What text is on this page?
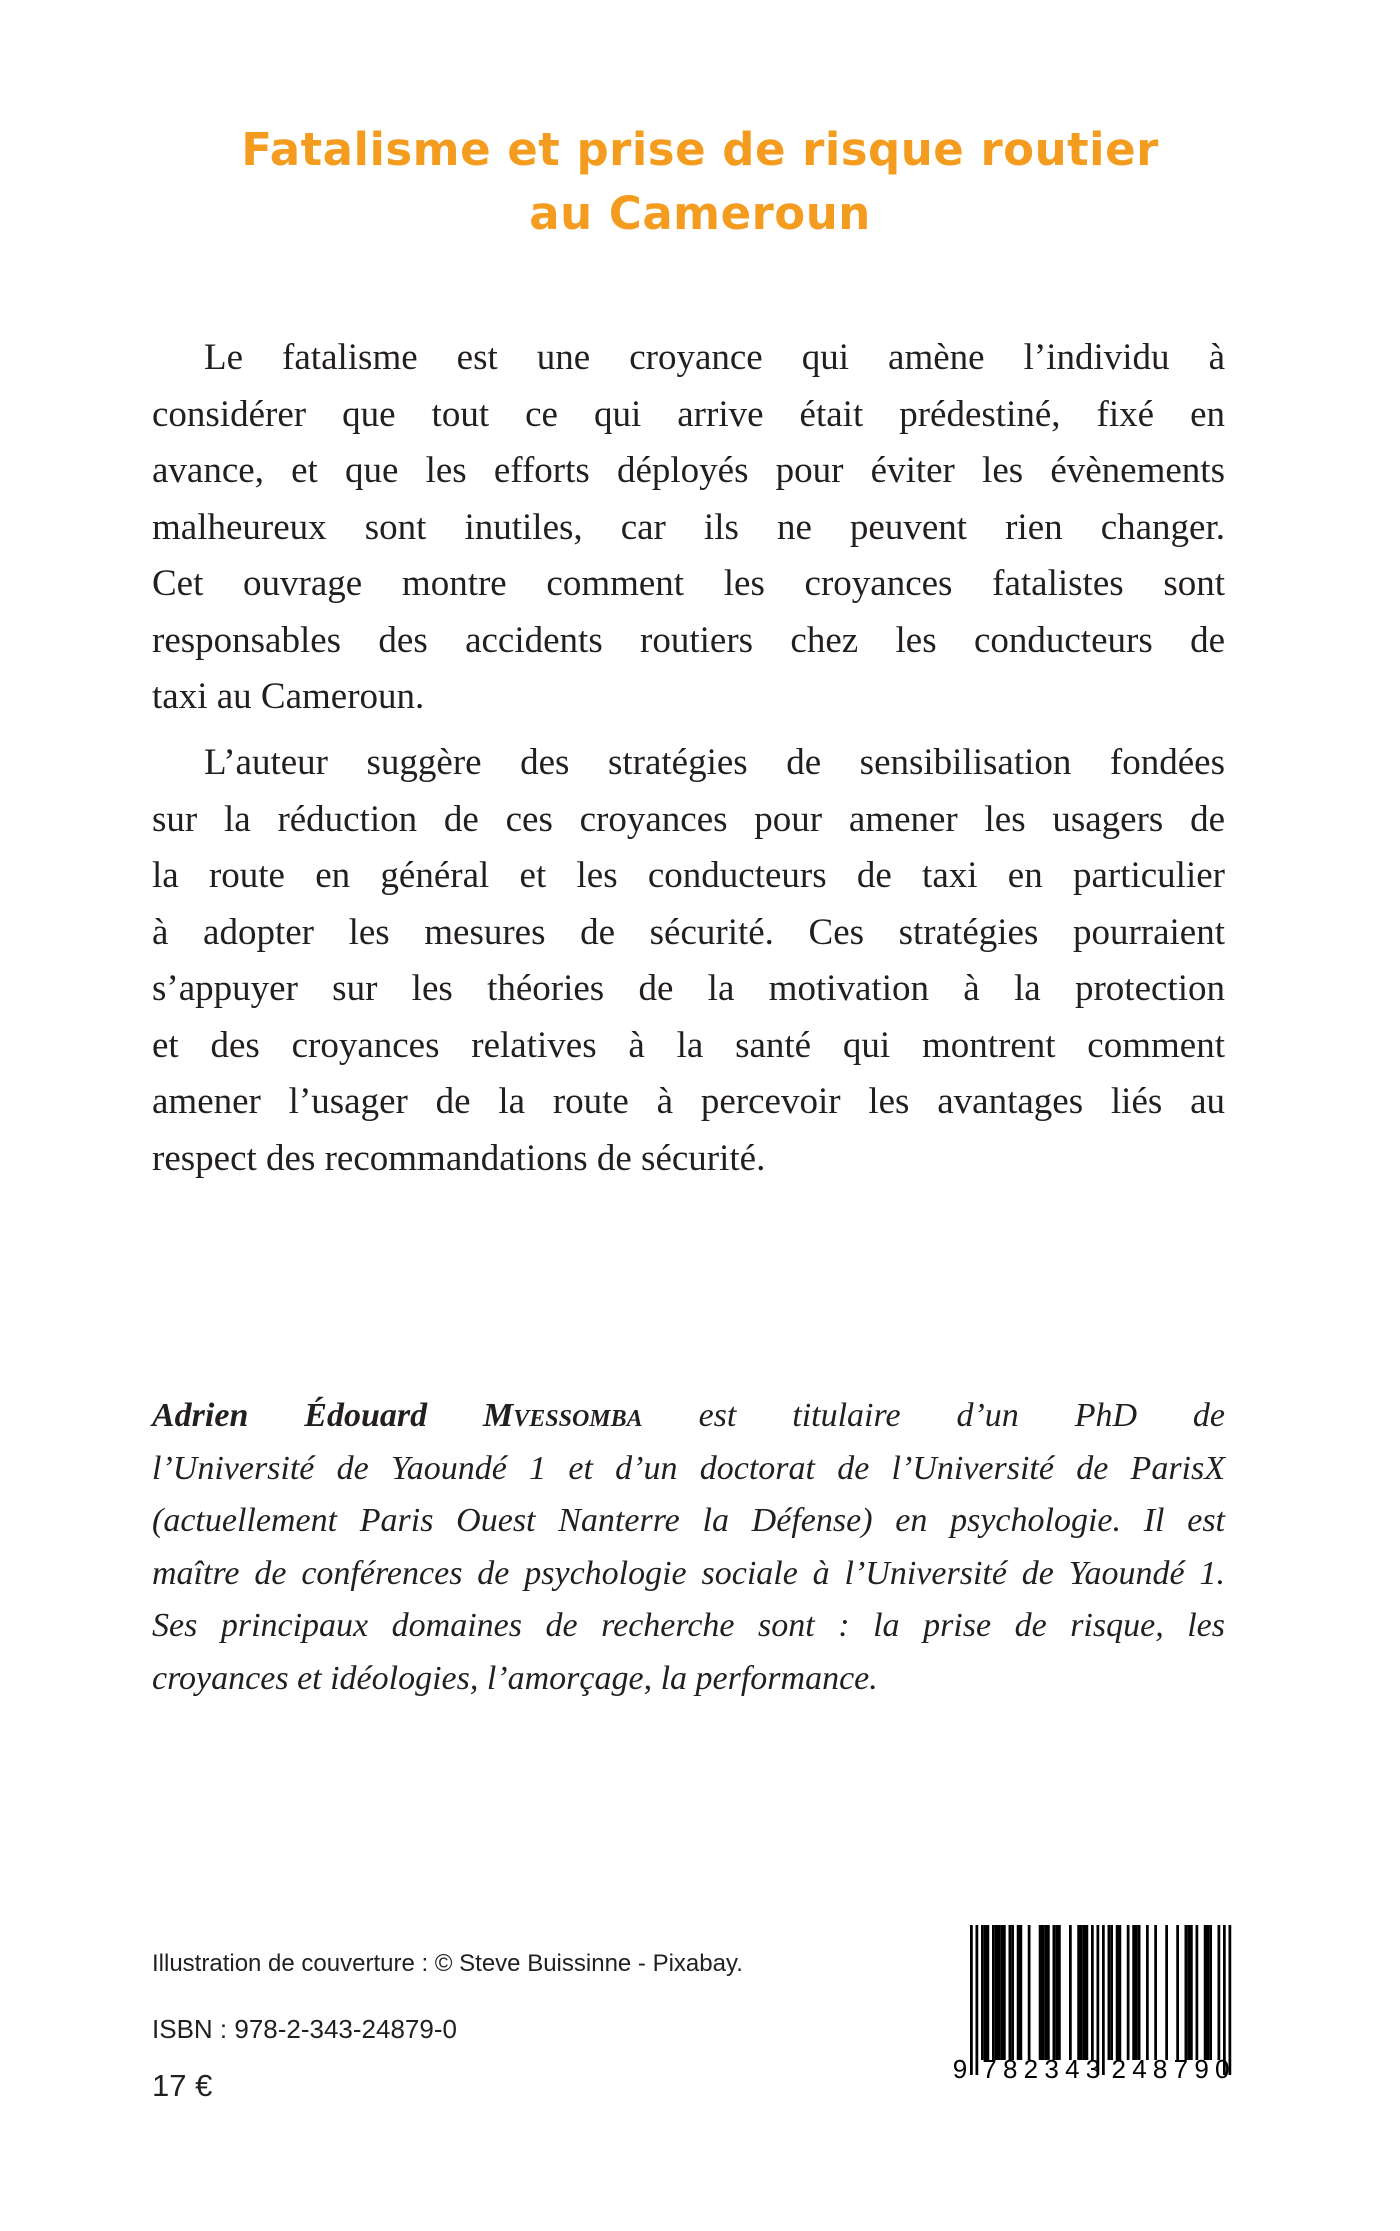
Fatalisme et prise de risque routier
au Cameroun
Le fatalisme est une croyance qui amène l’individu à
considérer que tout ce qui arrive était prédestiné, fixé en
avance, et que les efforts déployés pour éviter les évènements
malheureux sont inutiles, car ils ne peuvent rien changer.
Cet ouvrage montre comment les croyances fatalistes sont
responsables des accidents routiers chez les conducteurs de
taxi au Cameroun.
L’auteur suggère des stratégies de sensibilisation fondées
sur la réduction de ces croyances pour amener les usagers de
la route en général et les conducteurs de taxi en particulier
à adopter les mesures de sécurité. Ces stratégies pourraient
s’appuyer sur les théories de la motivation à la protection
et des croyances relatives à la santé qui montrent comment
amener l’usager de la route à percevoir les avantages liés au
respect des recommandations de sécurité.
Adrien Édouard Mvessomba est titulaire d’un PhD de
l’Université de Yaoundé 1 et d’un doctorat de l’Université de ParisX
(actuellement Paris Ouest Nanterre la Défense) en psychologie. Il est
maître de conférences de psychologie sociale à l’Université de Yaoundé 1.
Ses principaux domaines de recherche sont : la prise de risque, les
croyances et idéologies, l’amorçage, la performance.
Illustration de couverture : © Steve Buissinne - Pixabay.
ISBN : 978-2-343-24879-0
17 €	9 782343 248790
